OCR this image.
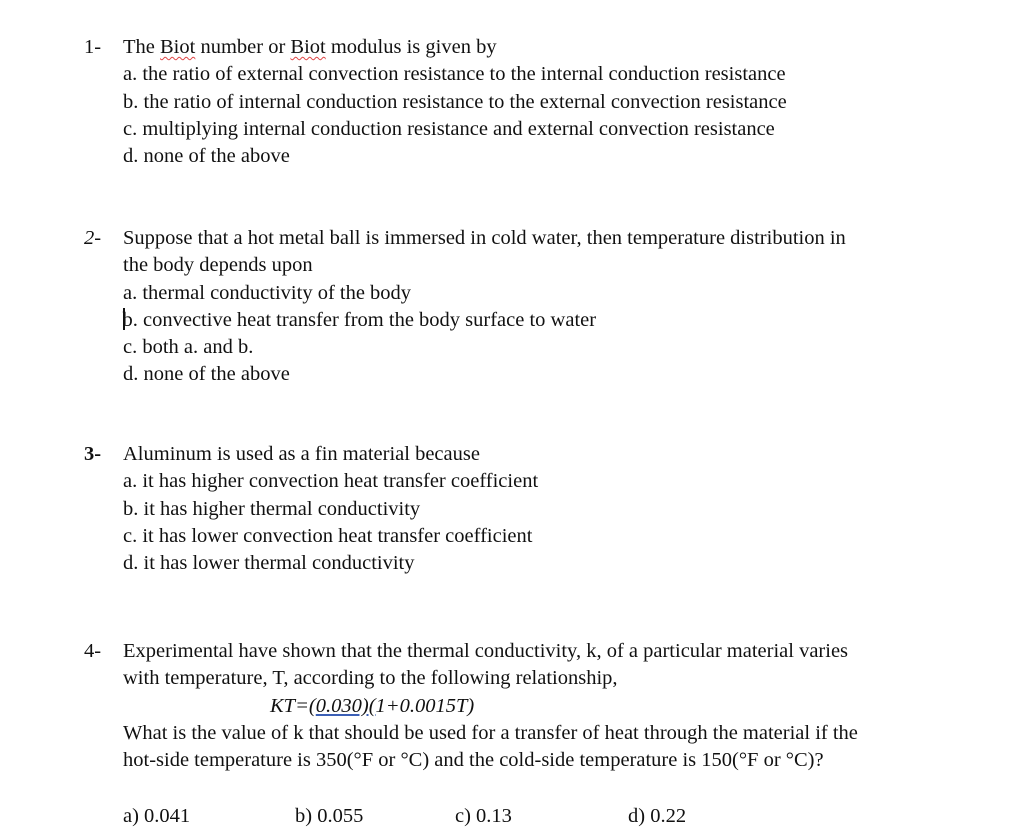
1-	The Biot number or Biot modulus is given by
a. the ratio of external convection resistance to the internal conduction resistance
b. the ratio of internal conduction resistance to the external convection resistance
c. multiplying internal conduction resistance and external convection resistance
d. none of the above
2-	Suppose that a hot metal ball is immersed in cold water, then temperature distribution in
the body depends upon
a. thermal conductivity of the body
b. convective heat transfer from the body surface to water
c. both a. and b.
d. none of the above
3-	Aluminum is used as a fin material because
a. it has higher convection heat transfer coefficient
b. it has higher thermal conductivity
c. it has lower convection heat transfer coefficient
d. it has lower thermal conductivity
4-	Experimental have shown that the thermal conductivity, k, of a particular material varies
with temperature, T, according to the following relationship,
KT=(0.030)(1+0.0015T)
What is the value of k that should be used for a transfer of heat through the material if the
hot-side temperature is 350(°F or °C) and the cold-side temperature is 150(°F or °C)?
a) 0.041	b) 0.055	c) 0.13	d) 0.22
